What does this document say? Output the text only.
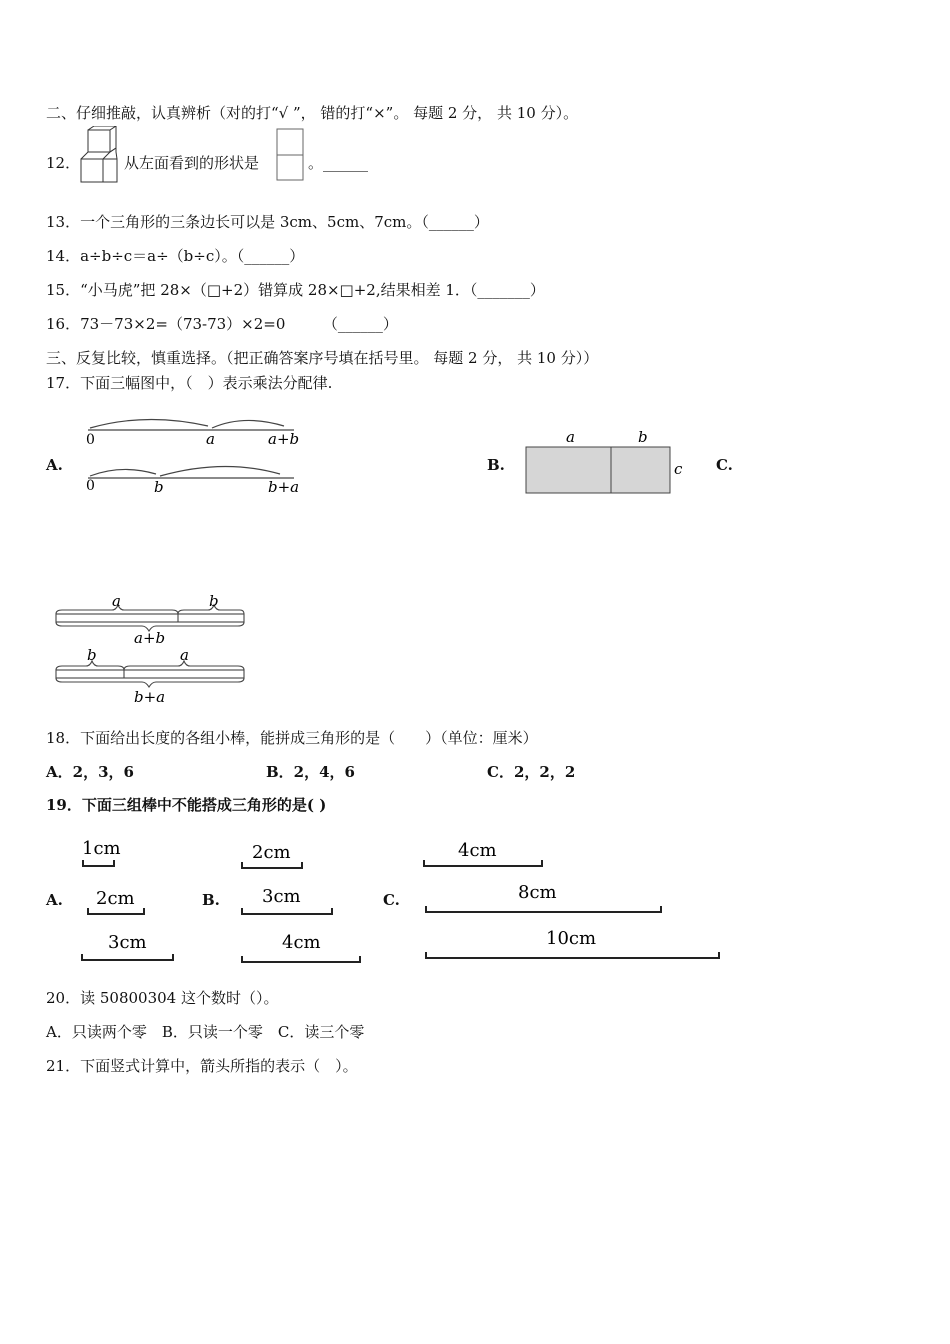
二、仔细推敲，认真辨析（对的打“√ ”， 错的打“×”。 每题 2 分， 共 10 分）。
12．	从左面看到的形状是	。______
13．一个三角形的三条边长可以是 3cm、5cm、7cm。（______）
14．a÷b÷c＝a÷（b÷c）。（______）
15．“小马虎”把 28×（□+2）错算成 28×□+2,结果相差 1．（_______）
16．73－73×2=（73-73）×2=0　　　（______）
三、反复比较，慎重选择。（把正确答案序号填在括号里。 每题 2 分， 共 10 分））
17．下面三幅图中，（　）表示乘法分配律.
A.
0	a	a+b
0	b	b+a
B.
a	b
c C.
a	b
a+b
b	a
b+a
18．下面给出长度的各组小棒，能拼成三角形的是（　　）（单位：厘米）
A．2，3，6	B．2，4，6	C．2，2，2
19．下面三组棒中不能搭成三角形的是( )
A.
1cm
2cm
3cm
B.
2cm
3cm
4cm
C.
4cm
8cm
10cm
20．读 50800304 这个数时（）。
A．只读两个零　B．只读一个零　C．读三个零
21．下面竖式计算中，箭头所指的表示（　）。
